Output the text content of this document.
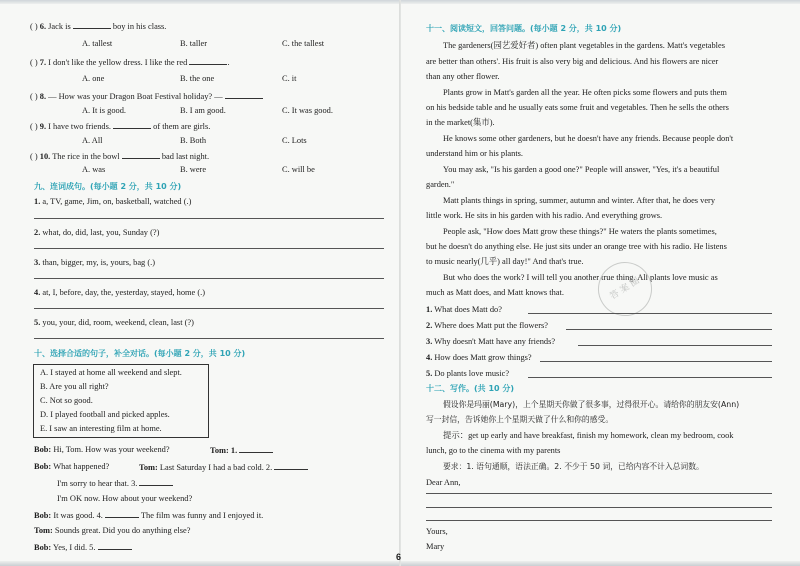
( ) 6. Jack is	boy in his class.
A. tallest	B. taller	C. the tallest
( ) 7. I don't like the yellow dress. I like the red	.
A. one	B. the one	C. it
( ) 8. — How was your Dragon Boat Festival holiday? —
A. It is good.	B. I am good.	C. It was good.
( ) 9. I have two friends.	of them are girls.
A. All	B. Both	C. Lots
( ) 10. The rice in the bowl	bad last night.
A. was	B. were	C. will be
九、连词成句。(每小题 2 分，共 10 分)
1. a, TV, game, Jim, on, basketball, watched (.)
2. what, do, did, last, you, Sunday (?)
3. than, bigger, my, is, yours, bag (.)
4. at, I, before, day, the, yesterday, stayed, home (.)
5. you, your, did, room, weekend, clean, last (?)
十、选择合适的句子，补全对话。(每小题 2 分，共 10 分)
A. I stayed at home all weekend and slept.
B. Are you all right?
C. Not so good.
D. I played football and picked apples.
E. I saw an interesting film at home.
Bob: Hi, Tom. How was your weekend?	Tom: 1.
Bob: What happened?	Tom: Last Saturday I had a bad cold. 2.
I'm sorry to hear that. 3.
I'm OK now. How about your weekend?
Bob: It was good. 4.	The film was funny and I enjoyed it.
Tom: Sounds great. Did you do anything else?
Bob: Yes, I did. 5.
6
十一、阅读短文，回答问题。(每小题 2 分，共 10 分)
The gardeners(园艺爱好者) often plant vegetables in the gardens. Matt's vegetables
are better than others'. His fruit is also very big and delicious. And his flowers are nicer
than any other flower.
Plants grow in Matt's garden all the year. He often picks some flowers and puts them
on his bedside table and he usually eats some fruit and vegetables. Then he sells the others
in the market(集市).
He knows some other gardeners, but he doesn't have any friends. Because people don't
understand him or his plants.
You may ask, "Is his garden a good one?" People will answer, "Yes, it's a beautiful
garden."
Matt plants things in spring, summer, autumn and winter. After that, he does very
little work. He sits in his garden with his radio. And everything grows.
People ask, "How does Matt grow these things?" He waters the plants sometimes,
but he doesn't do anything else. He just sits under an orange tree with his radio. He listens
to music nearly(几乎) all day!" And that's true.
But who does the work? I will tell you another true thing. All plants love music as
much as Matt does, and Matt knows that.	答 案 圈
1. What does Matt do?
2. Where does Matt put the flowers?
3. Why doesn't Matt have any friends?
4. How does Matt grow things?
5. Do plants love music?
十二、写作。(共 10 分)
假设你是玛丽(Mary)，上个星期天你做了很多事，过得很开心。请给你的朋友安(Ann)
写一封信，告诉她你上个星期天做了什么和你的感受。
提示：get up early and have breakfast, finish my homework, clean my bedroom, cook
lunch, go to the cinema with my parents
要求：1. 语句通顺，语法正确。2. 不少于 50 词，已给内容不计入总词数。
Dear Ann,
Yours,
Mary
